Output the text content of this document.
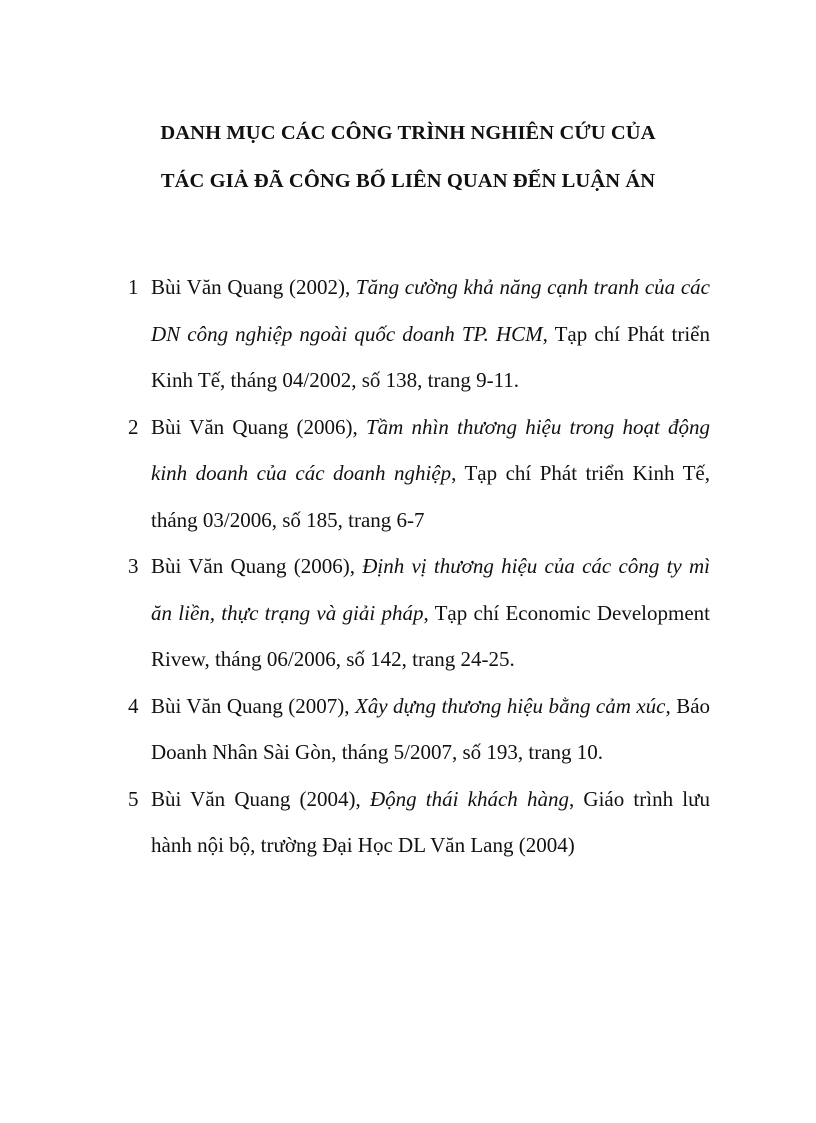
DANH MỤC CÁC CÔNG TRÌNH NGHIÊN CỨU CỦA
TÁC GIẢ ĐÃ CÔNG BỐ LIÊN QUAN ĐẾN LUẬN ÁN

1 Bùi Văn Quang (2002), Tăng cường khả năng cạnh tranh của các DN công nghiệp ngoài quốc doanh TP. HCM, Tạp chí Phát triển Kinh Tế, tháng 04/2002, số 138, trang 9-11.

2 Bùi Văn Quang (2006), Tầm nhìn thương hiệu trong hoạt động kinh doanh của các doanh nghiệp, Tạp chí Phát triển Kinh Tế, tháng 03/2006, số 185, trang 6-7

3 Bùi Văn Quang (2006), Định vị thương hiệu của các công ty mì ăn liền, thực trạng và giải pháp, Tạp chí Economic Development Rivew, tháng 06/2006, số 142, trang 24-25.

4 Bùi Văn Quang (2007), Xây dựng thương hiệu bằng cảm xúc, Báo Doanh Nhân Sài Gòn, tháng 5/2007, số 193, trang 10.

5 Bùi Văn Quang (2004), Động thái khách hàng, Giáo trình lưu hành nội bộ, trường Đại Học DL Văn Lang (2004)
